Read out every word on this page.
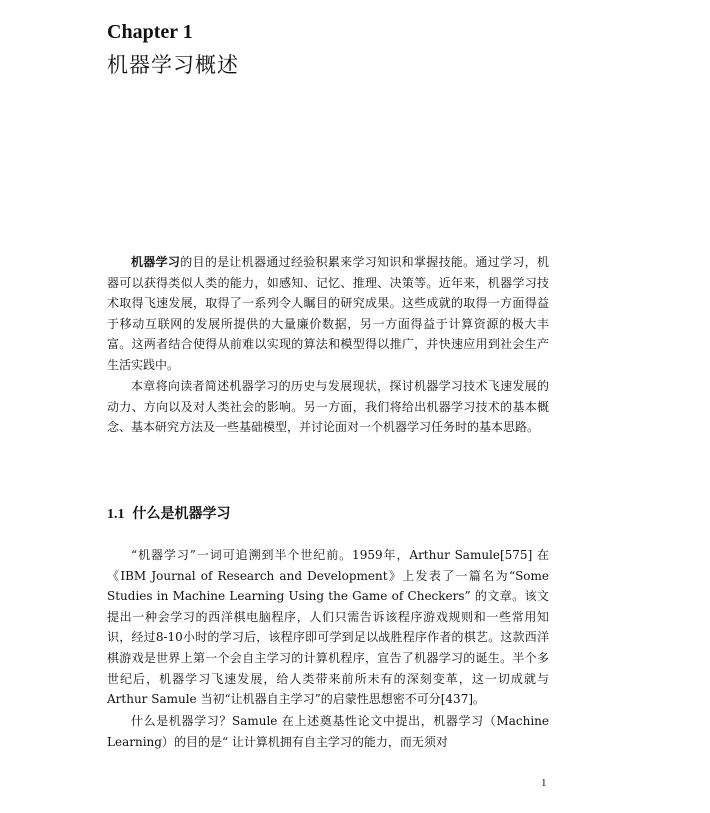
Chapter 1
机器学习概述

机器学习的目的是让机器通过经验积累来学习知识和掌握技能。通过学习，机器可以获得类似人类的能力，如感知、记忆、推理、决策等。近年来，机器学习技术取得飞速发展，取得了一系列令人瞩目的研究成果。这些成就的取得一方面得益于移动互联网的发展所提供的大量廉价数据，另一方面得益于计算资源的极大丰富。这两者结合使得从前难以实现的算法和模型得以推广，并快速应用到社会生产生活实践中。

本章将向读者简述机器学习的历史与发展现状，探讨机器学习技术飞速发展的动力、方向以及对人类社会的影响。另一方面，我们将给出机器学习技术的基本概念、基本研究方法及一些基础模型，并讨论面对一个机器学习任务时的基本思路。

1.1 什么是机器学习

“机器学习”一词可追溯到半个世纪前。1959年，Arthur Samule[575] 在《IBM Journal of Research and Development》上发表了一篇名为“Some Studies in Machine Learning Using the Game of Checkers” 的文章。该文提出一种会学习的西洋棋电脑程序，人们只需告诉该程序游戏规则和一些常用知识，经过8-10小时的学习后，该程序即可学到足以战胜程序作者的棋艺。这款西洋棋游戏是世界上第一个会自主学习的计算机程序，宣告了机器学习的诞生。半个多世纪后，机器学习飞速发展，给人类带来前所未有的深刻变革，这一切成就与Arthur Samule 当初“让机器自主学习”的启蒙性思想密不可分[437]。

什么是机器学习？Samule 在上述奠基性论文中提出，机器学习（Machine Learning）的目的是“ 让计算机拥有自主学习的能力，而无须对

1
